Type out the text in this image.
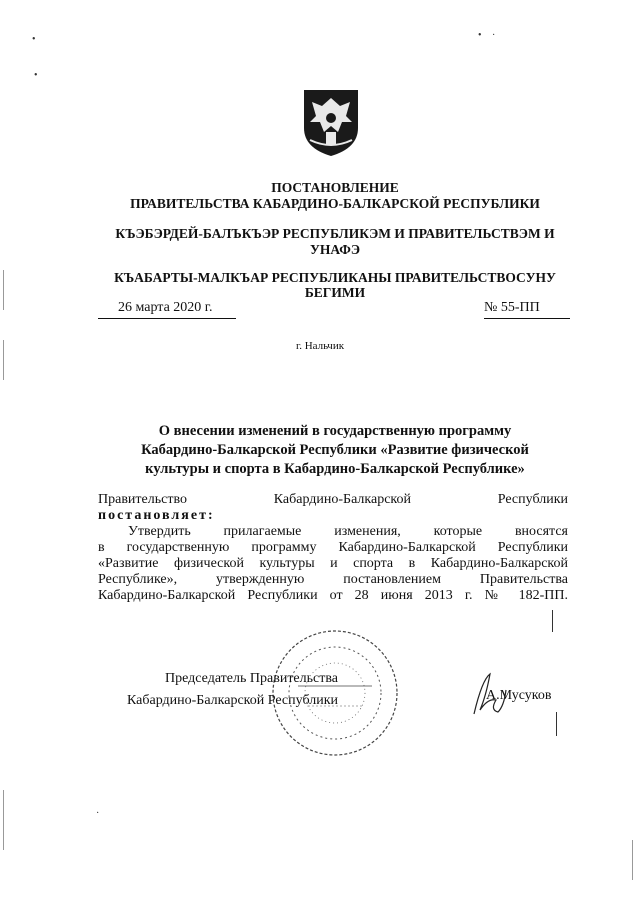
ПОСТАНОВЛЕНИЕ
ПРАВИТЕЛЬСТВА КАБАРДИНО-БАЛКАРСКОЙ РЕСПУБЛИКИ
КЪЭБЭРДЕЙ-БАЛЪКЪЭР РЕСПУБЛИКЭМ И ПРАВИТЕЛЬСТВЭМ И
УНАФЭ
КЪАБАРТЫ-МАЛКЪАР РЕСПУБЛИКАНЫ ПРАВИТЕЛЬСТВОСУНУ
БЕГИМИ
26 марта 2020 г.	№ 55-ПП
г. Нальчик
О внесении изменений в государственную программу
Кабардино-Балкарской Республики «Развитие физической
культуры и спорта в Кабардино-Балкарской Республике»
Правительство Кабардино-Балкарской Республики
постановляет:
Утвердить прилагаемые изменения, которые вносятся
в государственную программу Кабардино-Балкарской Республики
«Развитие физической культуры и спорта в Кабардино-Балкарской
Республике», утвержденную постановлением Правительства
Кабардино-Балкарской Республики от 28 июня 2013 г. № 182-ПП.
Председатель Правительства
Кабардино-Балкарской Республики	А.Мусуков
•
•
• ·
·
